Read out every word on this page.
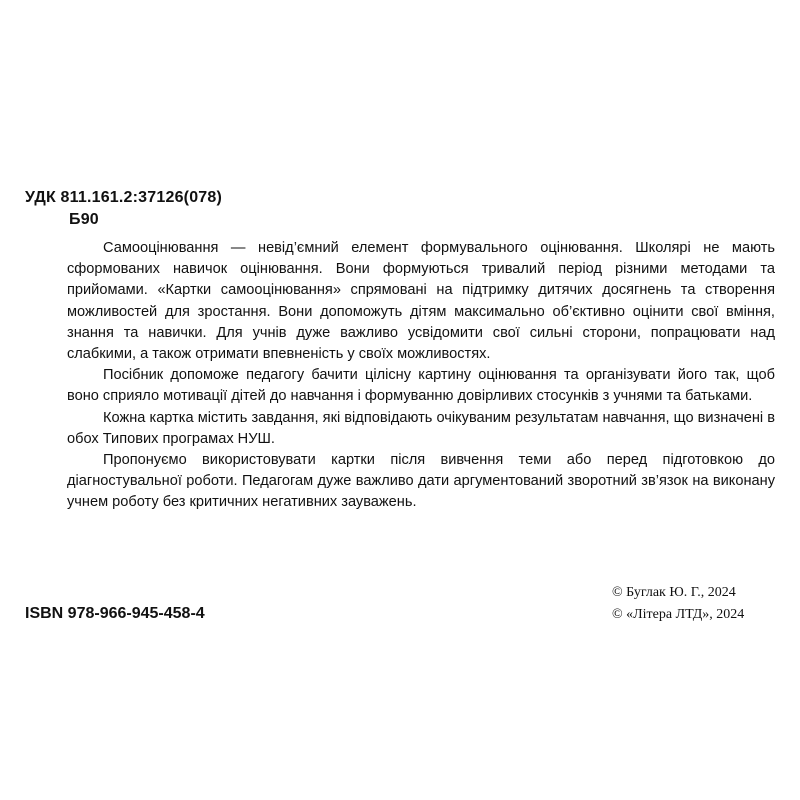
УДК 811.161.2:37126(078)
Б90

Самооцінювання — невід’ємний елемент формувального оцінювання. Школярі не мають сформованих навичок оцінювання. Вони формуються тривалий період різними методами та прийомами. «Картки самооцінювання» спрямовані на підтримку дитячих досягнень та створення можливостей для зростання. Вони допоможуть дітям максимально об’єктивно оцінити свої вміння, знання та навички. Для учнів дуже важливо усвідомити свої сильні сторони, попрацювати над слабкими, а також отримати впевненість у своїх можливостях.

Посібник допоможе педагогу бачити цілісну картину оцінювання та організувати його так, щоб воно сприяло мотивації дітей до навчання і формуванню довірливих стосунків з учнями та батьками.

Кожна картка містить завдання, які відповідають очікуваним результатам навчання, що визначені в обох Типових програмах НУШ.

Пропонуємо використовувати картки після вивчення теми або перед підготовкою до діагностувальної роботи. Педагогам дуже важливо дати аргументований зворотний зв’язок на виконану учнем роботу без критичних негативних зауважень.

ISBN 978-966-945-458-4
© Буглак Ю. Г., 2024
© «Літера ЛТД», 2024
